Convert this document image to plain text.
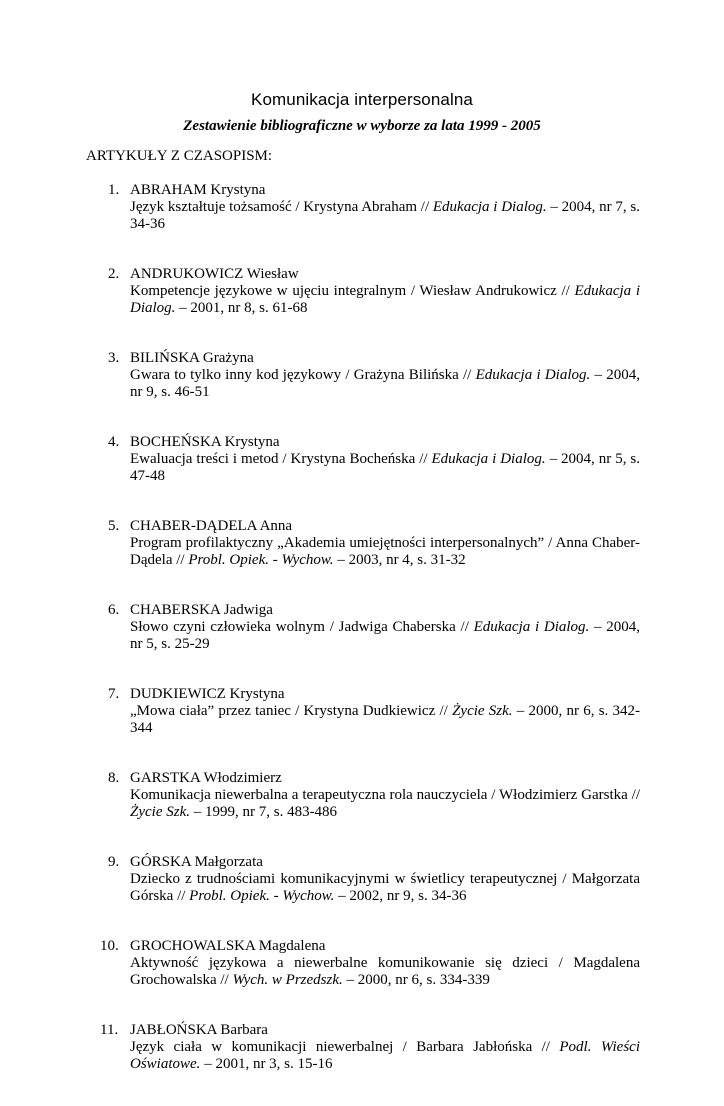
Komunikacja interpersonalna
Zestawienie bibliograficzne w wyborze za lata 1999 - 2005
ARTYKUŁY Z CZASOPISM:
1. ABRAHAM Krystyna
Język kształtuje tożsamość / Krystyna Abraham // Edukacja i Dialog. – 2004, nr 7, s. 34-36
2. ANDRUKOWICZ Wiesław
Kompetencje językowe w ujęciu integralnym / Wiesław Andrukowicz // Edukacja i Dialog. – 2001, nr 8, s. 61-68
3. BILIŃSKA Grażyna
Gwara to tylko inny kod językowy / Grażyna Bilińska // Edukacja i Dialog. – 2004, nr 9, s. 46-51
4. BOCHEŃSKA Krystyna
Ewaluacja treści i metod / Krystyna Bocheńska // Edukacja i Dialog. – 2004, nr 5, s. 47-48
5. CHABER-DĄDELA Anna
Program profilaktyczny „Akademia umiejętności interpersonalnych” / Anna Chaber-Dądela // Probl. Opiek. - Wychow. – 2003, nr 4, s. 31-32
6. CHABERSKA Jadwiga
Słowo czyni człowieka wolnym / Jadwiga Chaberska // Edukacja i Dialog. – 2004, nr 5, s. 25-29
7. DUDKIEWICZ Krystyna
„Mowa ciała” przez taniec / Krystyna Dudkiewicz // Życie Szk. – 2000, nr 6, s. 342-344
8. GARSTKA Włodzimierz
Komunikacja niewerbalna a terapeutyczna rola nauczyciela / Włodzimierz Garstka // Życie Szk. – 1999, nr 7, s. 483-486
9. GÓRSKA Małgorzata
Dziecko z trudnościami komunikacyjnymi w świetlicy terapeutycznej / Małgorzata Górska // Probl. Opiek. - Wychow. – 2002, nr 9, s. 34-36
10. GROCHOWALSKA Magdalena
Aktywność językowa a niewerbalne komunikowanie się dzieci / Magdalena Grochowalska // Wych. w Przedszk. – 2000, nr 6, s. 334-339
11. JABŁOŃSKA Barbara
Język ciała w komunikacji niewerbalnej / Barbara Jabłońska // Podl. Wieści Oświatowe. – 2001, nr 3, s. 15-16
